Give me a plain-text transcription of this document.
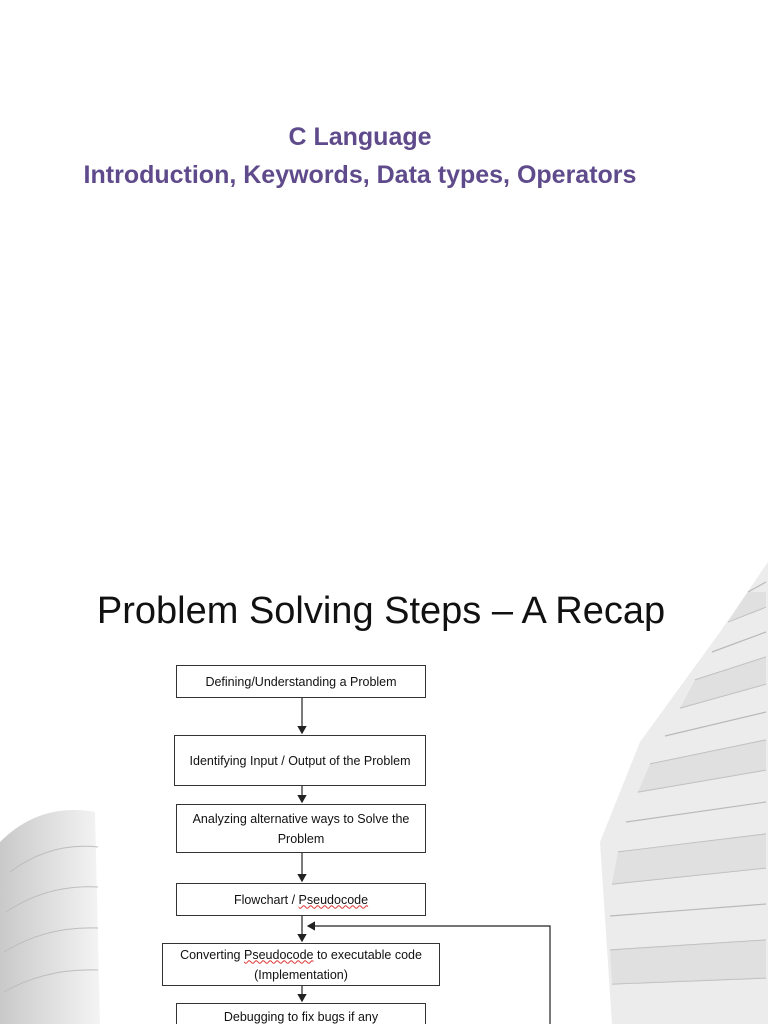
C Language
Introduction, Keywords, Data types, Operators
Problem Solving Steps – A Recap
Defining/Understanding a Problem
Identifying Input / Output of the Problem
Analyzing alternative ways to Solve the Problem
Flowchart / Pseudocode
Converting Pseudocode to executable code (Implementation)
Debugging to fix bugs if any
